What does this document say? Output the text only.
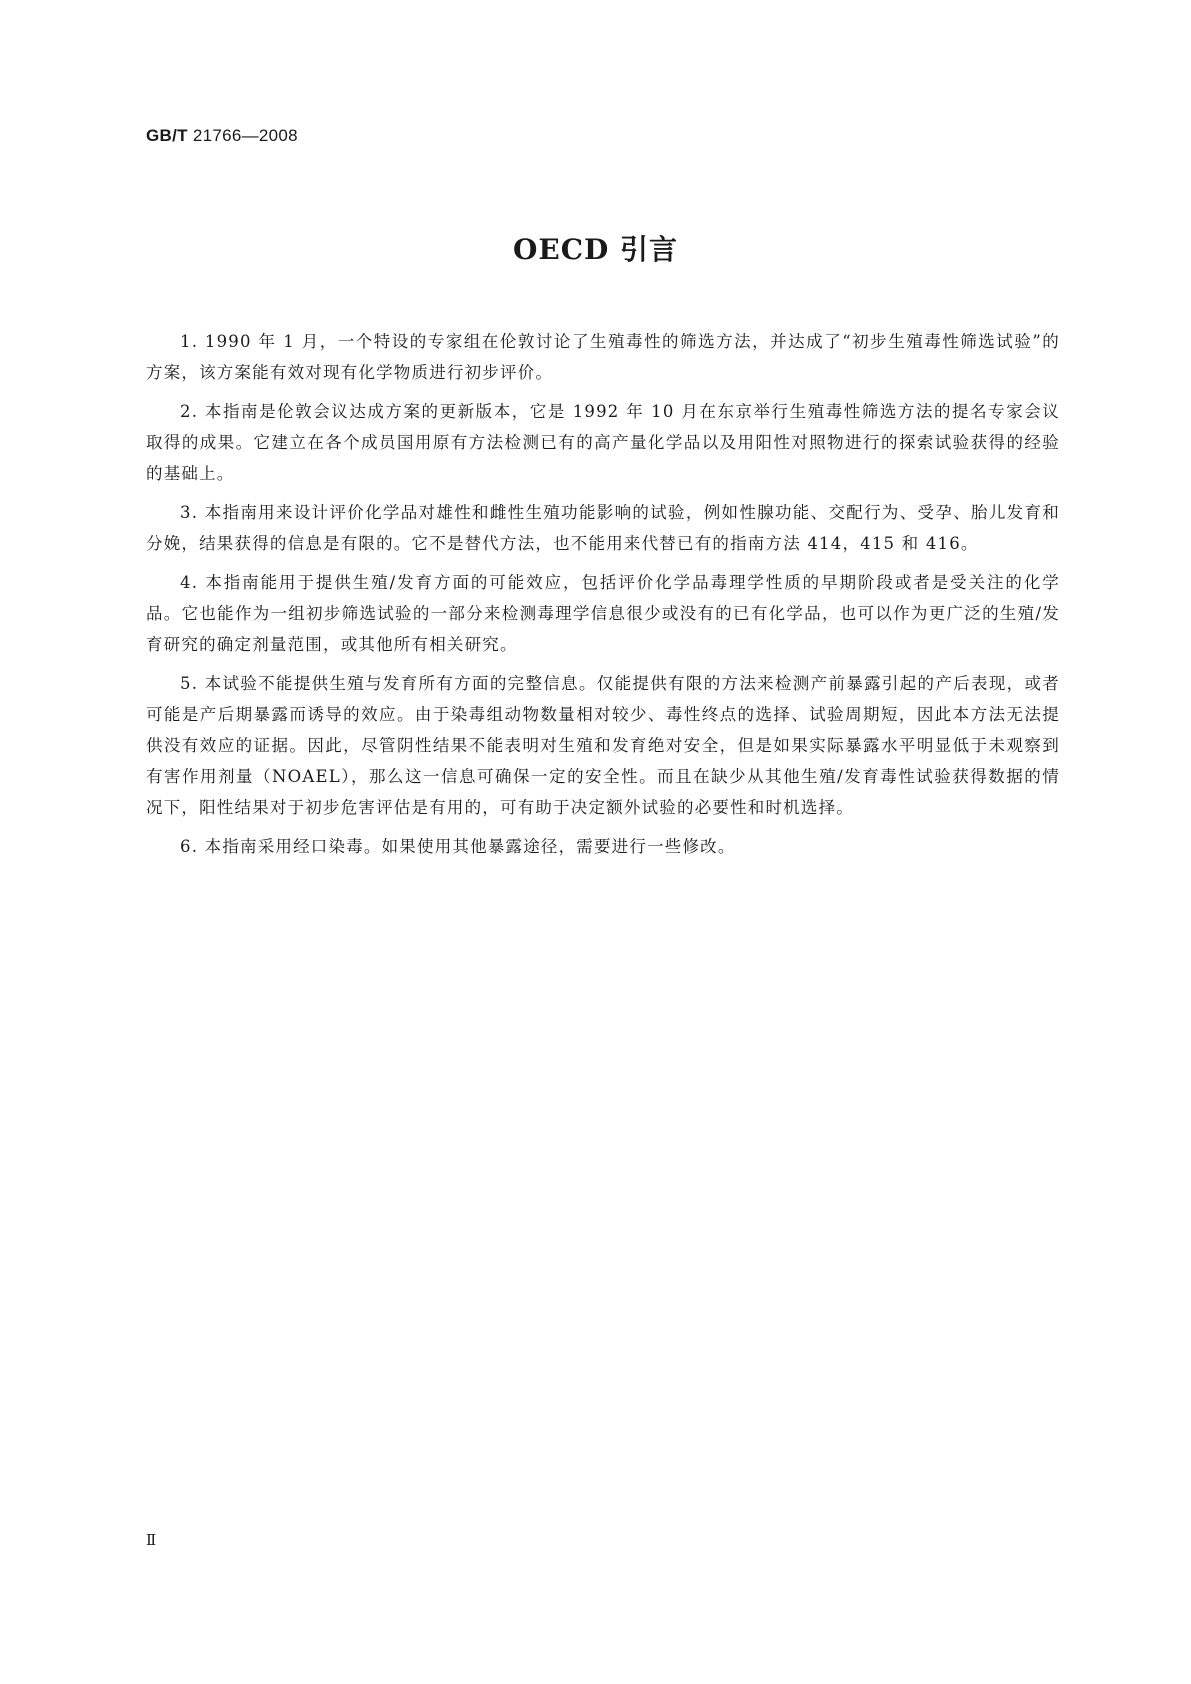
GB/T 21766—2008
OECD 引言

1. 1990 年 1 月，一个特设的专家组在伦敦讨论了生殖毒性的筛选方法，并达成了“初步生殖毒性筛选试验”的方案，该方案能有效对现有化学物质进行初步评价。

2. 本指南是伦敦会议达成方案的更新版本，它是 1992 年 10 月在东京举行生殖毒性筛选方法的提名专家会议取得的成果。它建立在各个成员国用原有方法检测已有的高产量化学品以及用阳性对照物进行的探索试验获得的经验的基础上。

3. 本指南用来设计评价化学品对雄性和雌性生殖功能影响的试验，例如性腺功能、交配行为、受孕、胎儿发育和分娩，结果获得的信息是有限的。它不是替代方法，也不能用来代替已有的指南方法 414，415 和 416。

4. 本指南能用于提供生殖/发育方面的可能效应，包括评价化学品毒理学性质的早期阶段或者是受关注的化学品。它也能作为一组初步筛选试验的一部分来检测毒理学信息很少或没有的已有化学品，也可以作为更广泛的生殖/发育研究的确定剂量范围，或其他所有相关研究。

5. 本试验不能提供生殖与发育所有方面的完整信息。仅能提供有限的方法来检测产前暴露引起的产后表现，或者可能是产后期暴露而诱导的效应。由于染毒组动物数量相对较少、毒性终点的选择、试验周期短，因此本方法无法提供没有效应的证据。因此，尽管阴性结果不能表明对生殖和发育绝对安全，但是如果实际暴露水平明显低于未观察到有害作用剂量（NOAEL），那么这一信息可确保一定的安全性。而且在缺少从其他生殖/发育毒性试验获得数据的情况下，阳性结果对于初步危害评估是有用的，可有助于决定额外试验的必要性和时机选择。

6. 本指南采用经口染毒。如果使用其他暴露途径，需要进行一些修改。

Ⅱ
